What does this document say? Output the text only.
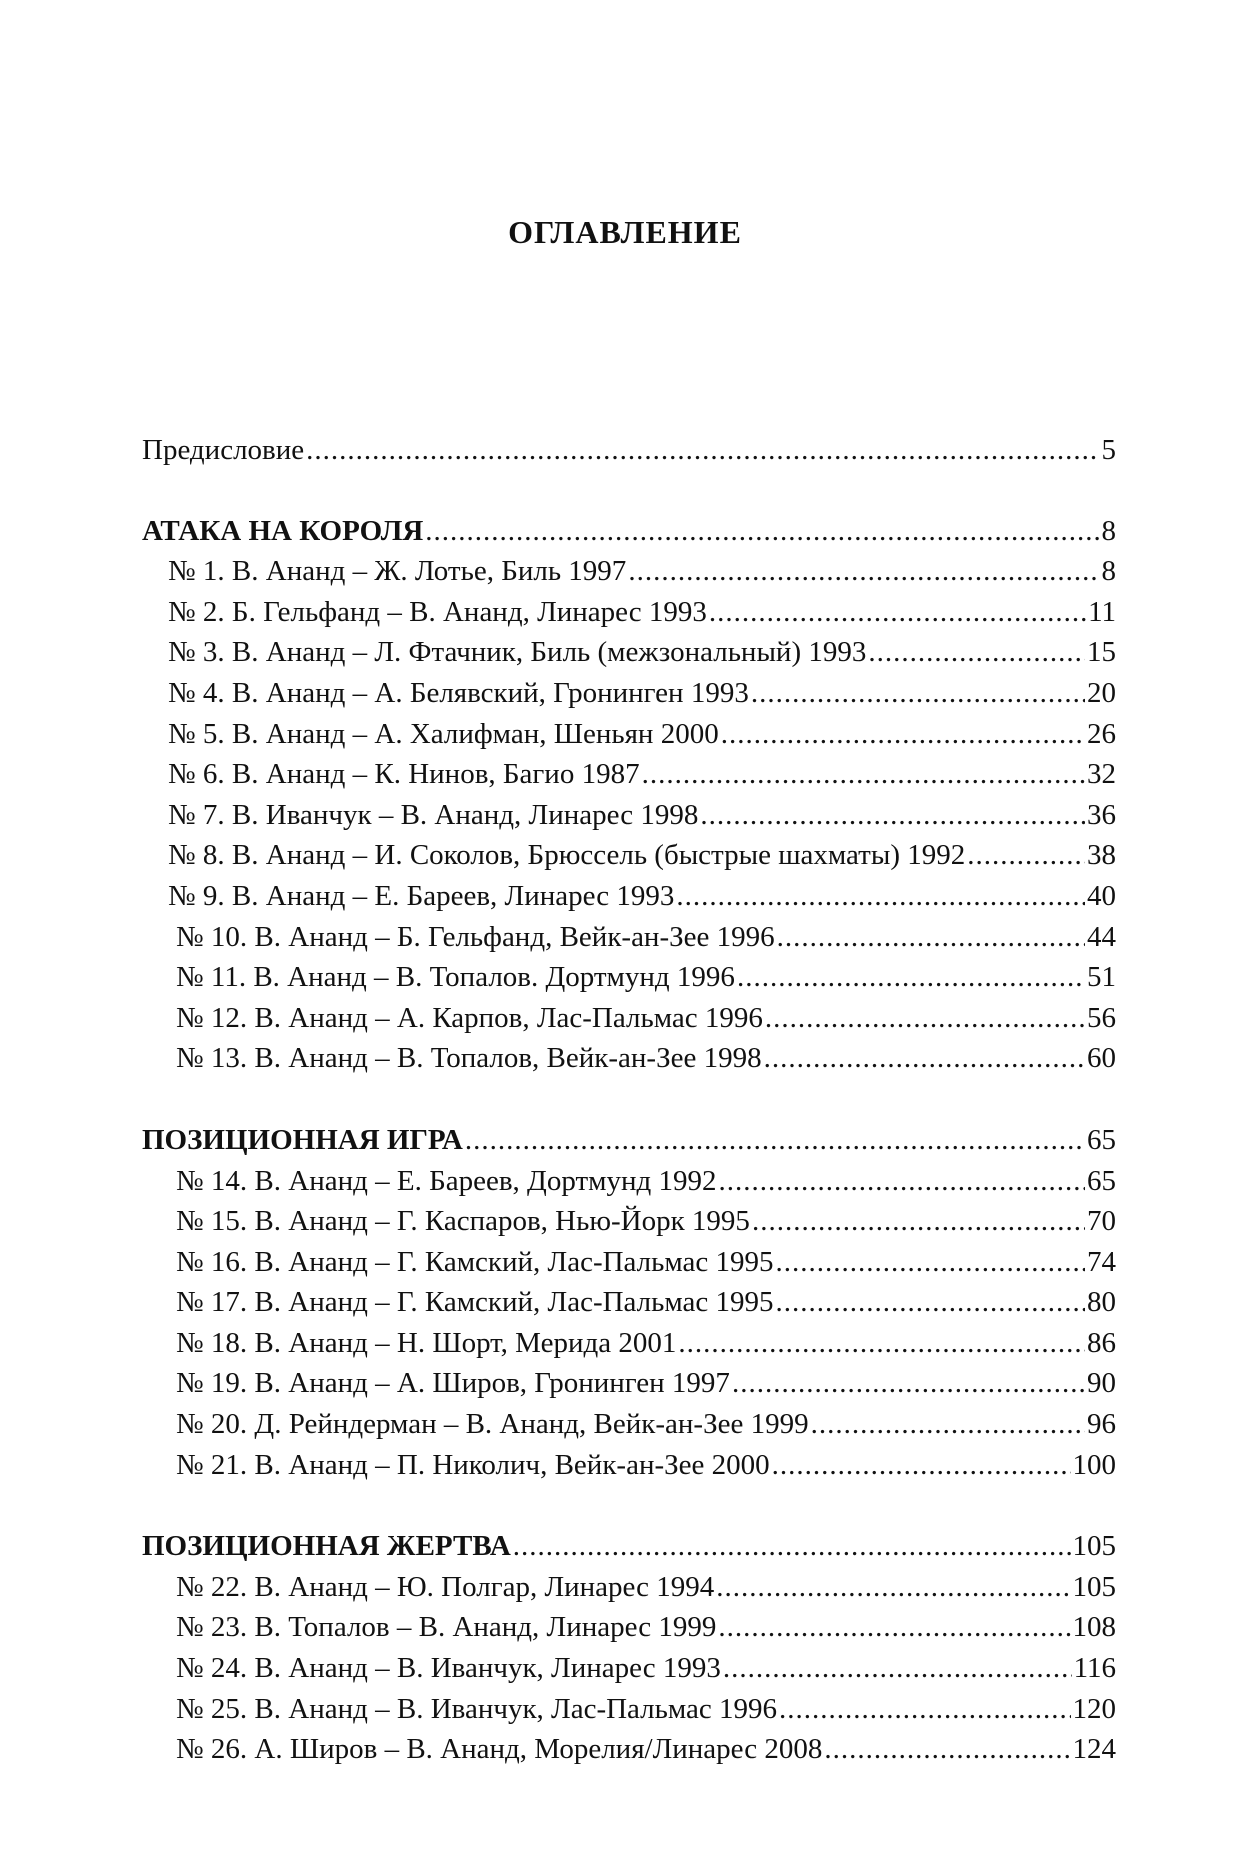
ОГЛАВЛЕНИЕ
Предисловие .....	5
АТАКА НА КОРОЛЯ .....	8
№ 1. В. Ананд – Ж. Лотье, Биль 1997 .....	8
№ 2. Б. Гельфанд – В. Ананд, Линарес 1993 .....	11
№ 3. В. Ананд – Л. Фтачник, Биль (межзональный) 1993 .....	15
№ 4. В. Ананд – А. Белявский, Гронинген 1993 .....	20
№ 5. В. Ананд – А. Халифман, Шеньян 2000 .....	26
№ 6. В. Ананд – К. Нинов, Багио 1987 .....	32
№ 7. В. Иванчук – В. Ананд, Линарес 1998 .....	36
№ 8. В. Ананд – И. Соколов, Брюссель (быстрые шахматы) 1992 .....	38
№ 9. В. Ананд – Е. Бареев, Линарес 1993 .....	40
№ 10. В. Ананд – Б. Гельфанд, Вейк-ан-Зее 1996 .....	44
№ 11. В. Ананд – В. Топалов. Дортмунд 1996 .....	51
№ 12. В. Ананд – А. Карпов, Лас-Пальмас 1996 .....	56
№ 13. В. Ананд – В. Топалов, Вейк-ан-Зее 1998 .....	60
ПОЗИЦИОННАЯ ИГРА .....	65
№ 14. В. Ананд – Е. Бареев, Дортмунд 1992 .....	65
№ 15. В. Ананд – Г. Каспаров, Нью-Йорк 1995 .....	70
№ 16. В. Ананд – Г. Камский, Лас-Пальмас 1995 .....	74
№ 17. В. Ананд – Г. Камский, Лас-Пальмас 1995 .....	80
№ 18. В. Ананд – Н. Шорт, Мерида 2001 .....	86
№ 19. В. Ананд – А. Широв, Гронинген 1997 .....	90
№ 20. Д. Рейндерман – В. Ананд, Вейк-ан-Зее 1999 .....	96
№ 21. В. Ананд – П. Николич, Вейк-ан-Зее 2000 .....	100
ПОЗИЦИОННАЯ ЖЕРТВА .....	105
№ 22. В. Ананд – Ю. Полгар, Линарес 1994 .....	105
№ 23. В. Топалов – В. Ананд, Линарес 1999 .....	108
№ 24. В. Ананд – В. Иванчук, Линарес 1993 .....	116
№ 25. В. Ананд – В. Иванчук, Лас-Пальмас 1996 .....	120
№ 26. А. Широв – В. Ананд, Морелия/Линарес 2008 .....	124
